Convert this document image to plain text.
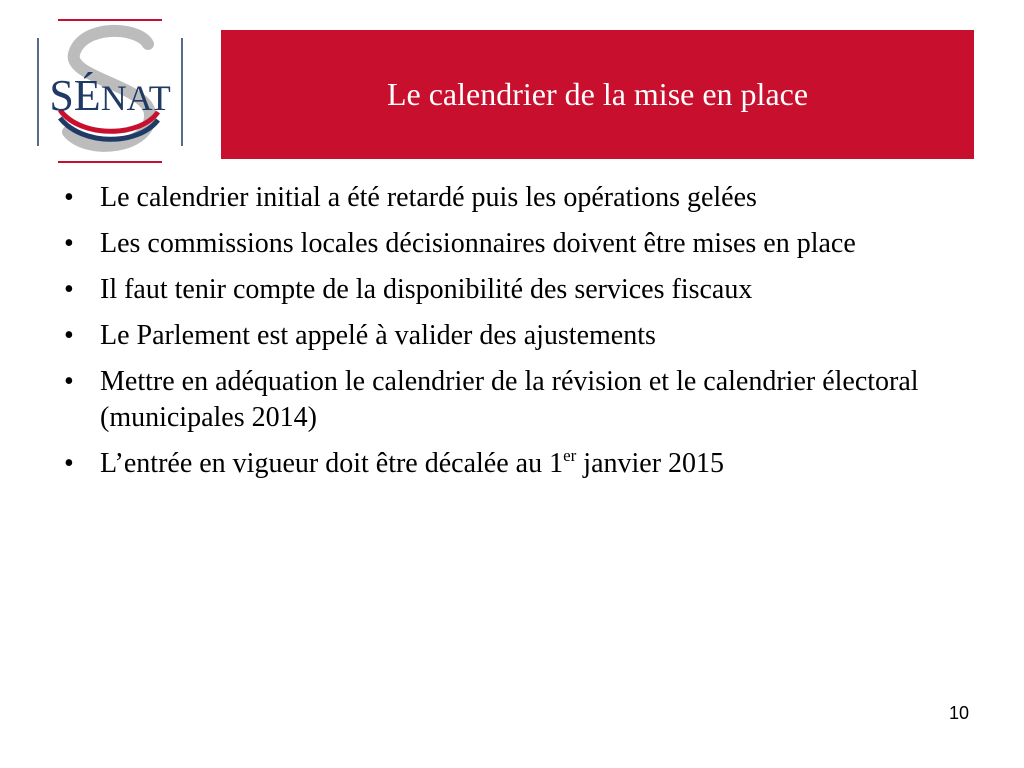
SÉNAT	Le calendrier de la mise en place
• Le calendrier initial a été retardé puis les opérations gelées
• Les commissions locales décisionnaires doivent être mises en place
• Il faut tenir compte de la disponibilité des services fiscaux
• Le Parlement est appelé à valider des ajustements
• Mettre en adéquation le calendrier de la révision et le calendrier électoral (municipales 2014)
• L’entrée en vigueur doit être décalée au 1er janvier 2015
10
